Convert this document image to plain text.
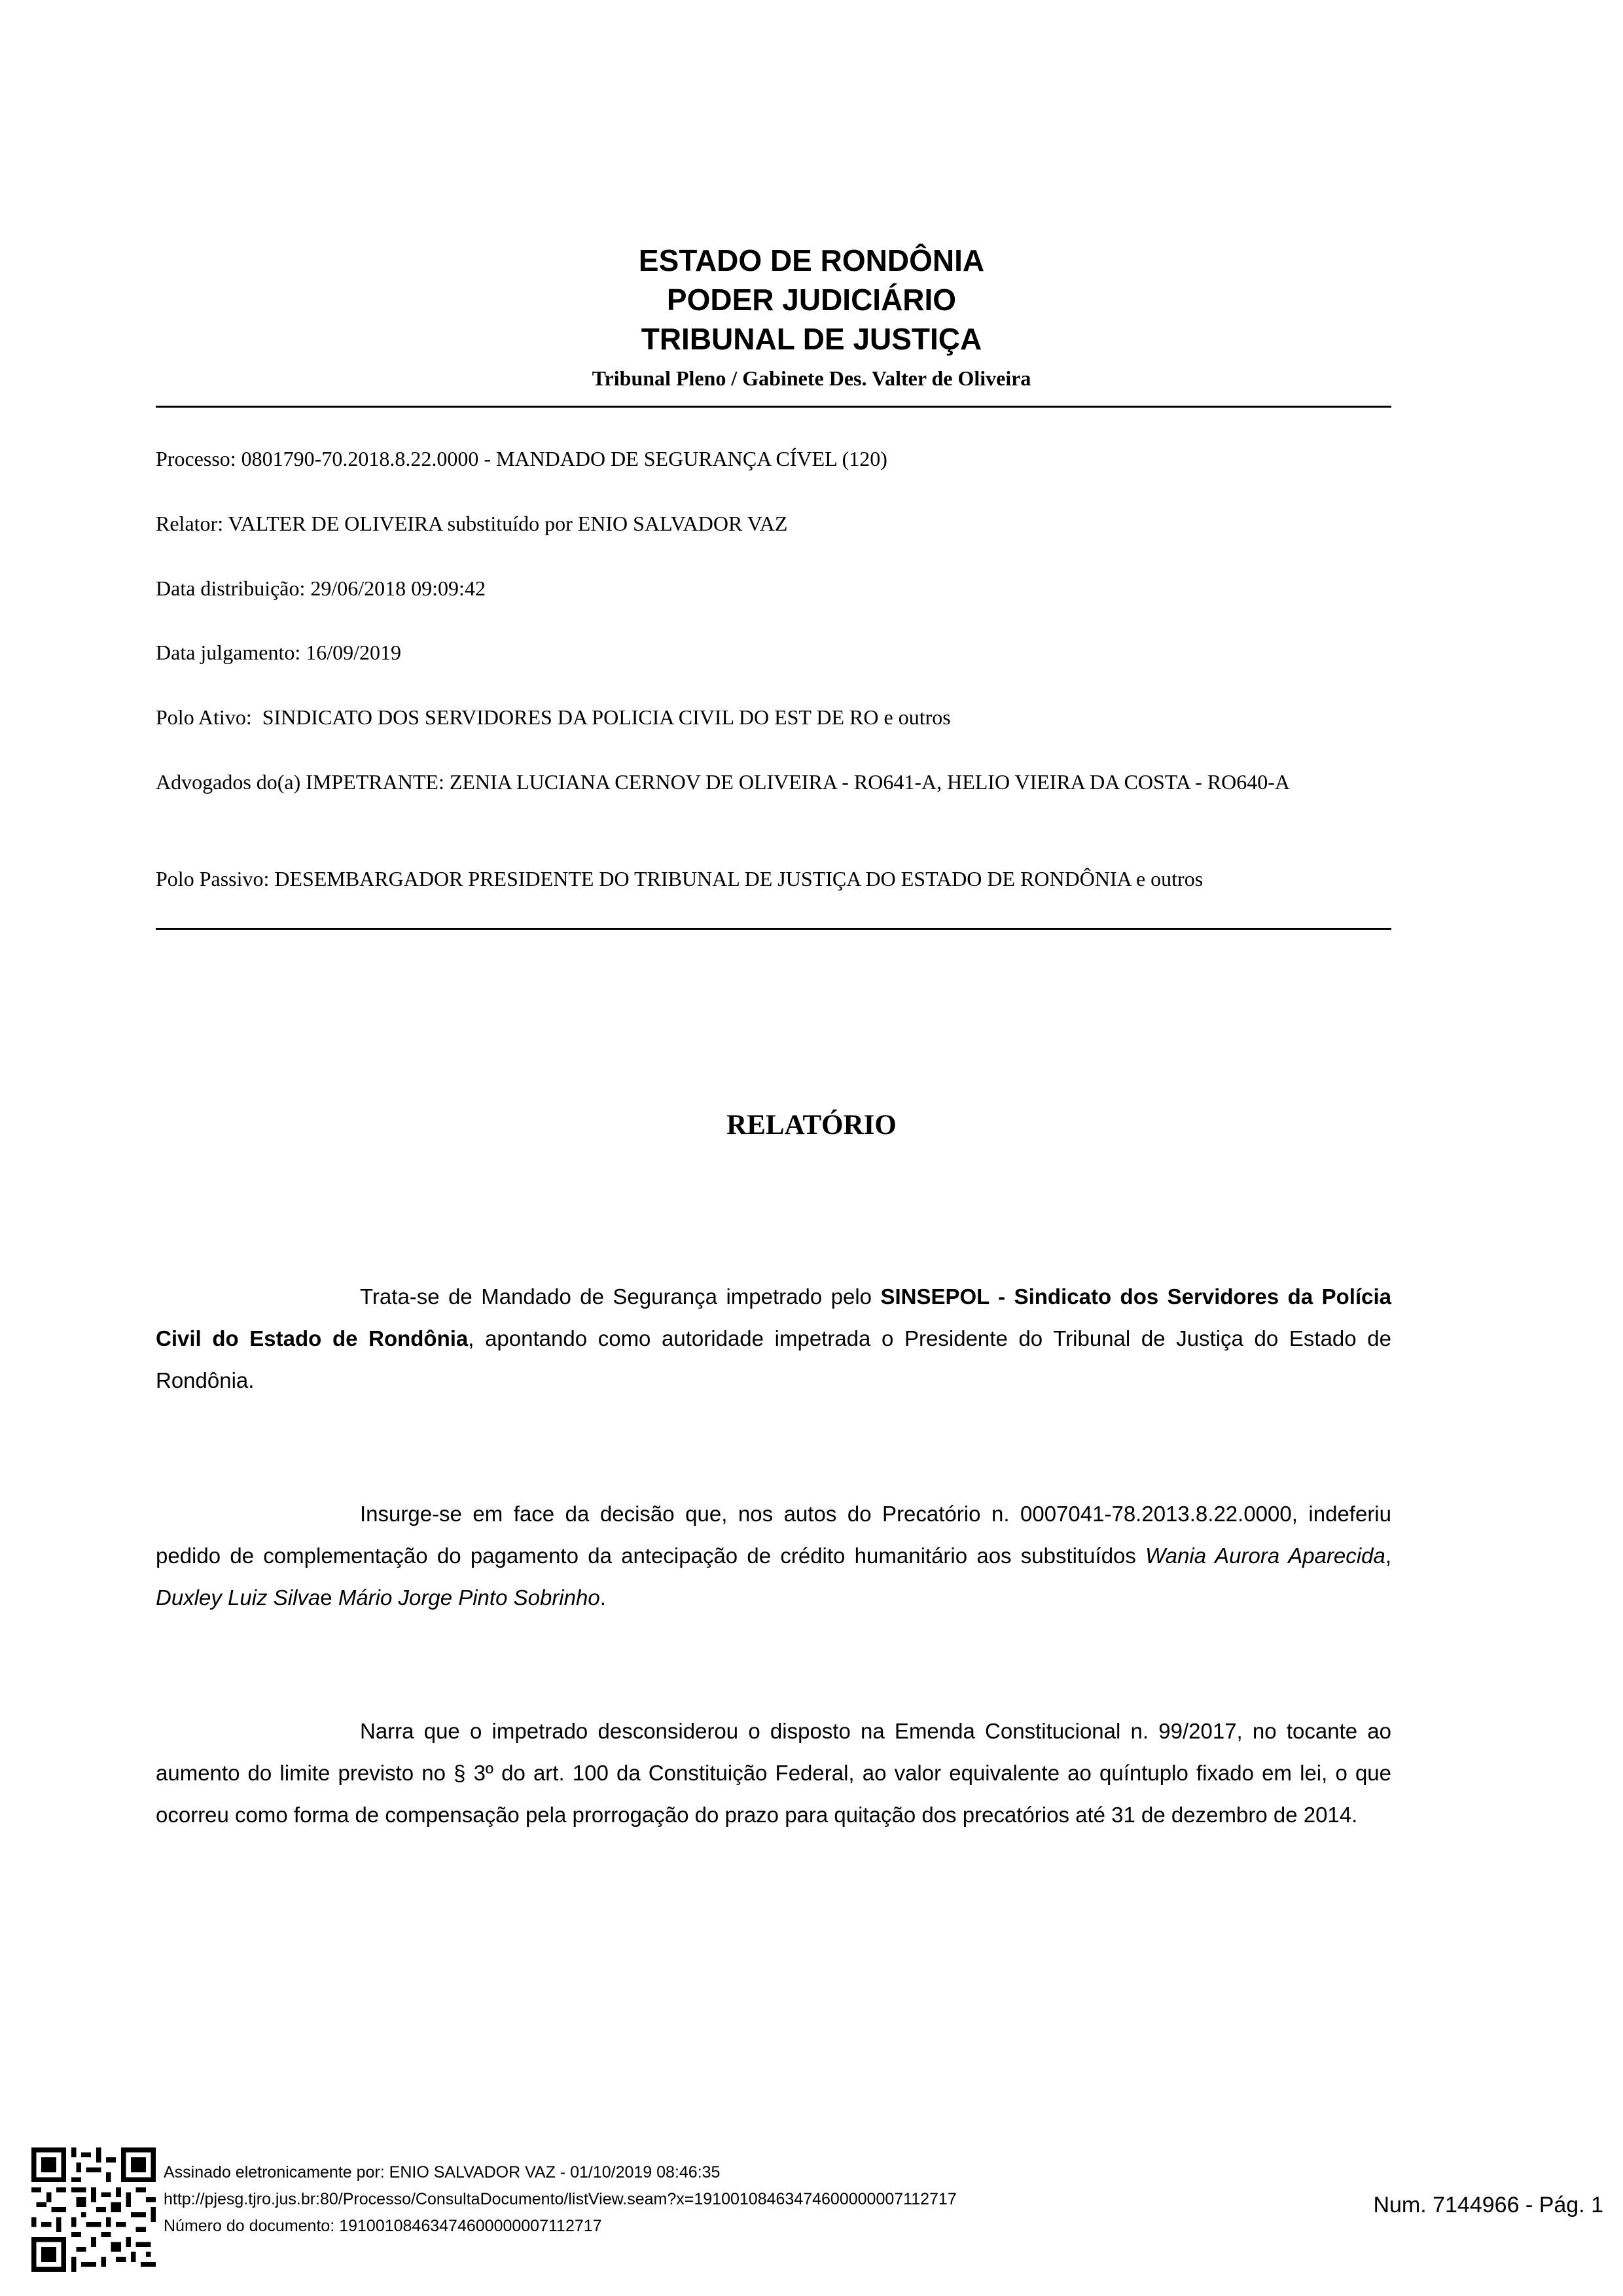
ESTADO DE RONDÔNIA
PODER JUDICIÁRIO
TRIBUNAL DE JUSTIÇA
Tribunal Pleno / Gabinete Des. Valter de Oliveira
Processo: 0801790-70.2018.8.22.0000 - MANDADO DE SEGURANÇA CÍVEL (120)
Relator: VALTER DE OLIVEIRA substituído por ENIO SALVADOR VAZ
Data distribuição: 29/06/2018 09:09:42
Data julgamento: 16/09/2019
Polo Ativo:  SINDICATO DOS SERVIDORES DA POLICIA CIVIL DO EST DE RO e outros
Advogados do(a) IMPETRANTE: ZENIA LUCIANA CERNOV DE OLIVEIRA - RO641-A, HELIO VIEIRA DA COSTA - RO640-A
Polo Passivo: DESEMBARGADOR PRESIDENTE DO TRIBUNAL DE JUSTIÇA DO ESTADO DE RONDÔNIA e outros
RELATÓRIO
Trata-se de Mandado de Segurança impetrado pelo SINSEPOL - Sindicato dos Servidores da Polícia Civil do Estado de Rondônia, apontando como autoridade impetrada o Presidente do Tribunal de Justiça do Estado de Rondônia.
Insurge-se em face da decisão que, nos autos do Precatório n. 0007041-78.2013.8.22.0000, indeferiu pedido de complementação do pagamento da antecipação de crédito humanitário aos substituídos Wania Aurora Aparecida, Duxley Luiz Silvae Mário Jorge Pinto Sobrinho.
Narra que o impetrado desconsiderou o disposto na Emenda Constitucional n. 99/2017, no tocante ao aumento do limite previsto no § 3º do art. 100 da Constituição Federal, ao valor equivalente ao quíntuplo fixado em lei, o que ocorreu como forma de compensação pela prorrogação do prazo para quitação dos precatórios até 31 de dezembro de 2014.
Assinado eletronicamente por: ENIO SALVADOR VAZ - 01/10/2019 08:46:35
http://pjesg.tjro.jus.br:80/Processo/ConsultaDocumento/listView.seam?x=19100108463474600000007112717
Número do documento: 19100108463474600000007112717
Num. 7144966 - Pág. 1
